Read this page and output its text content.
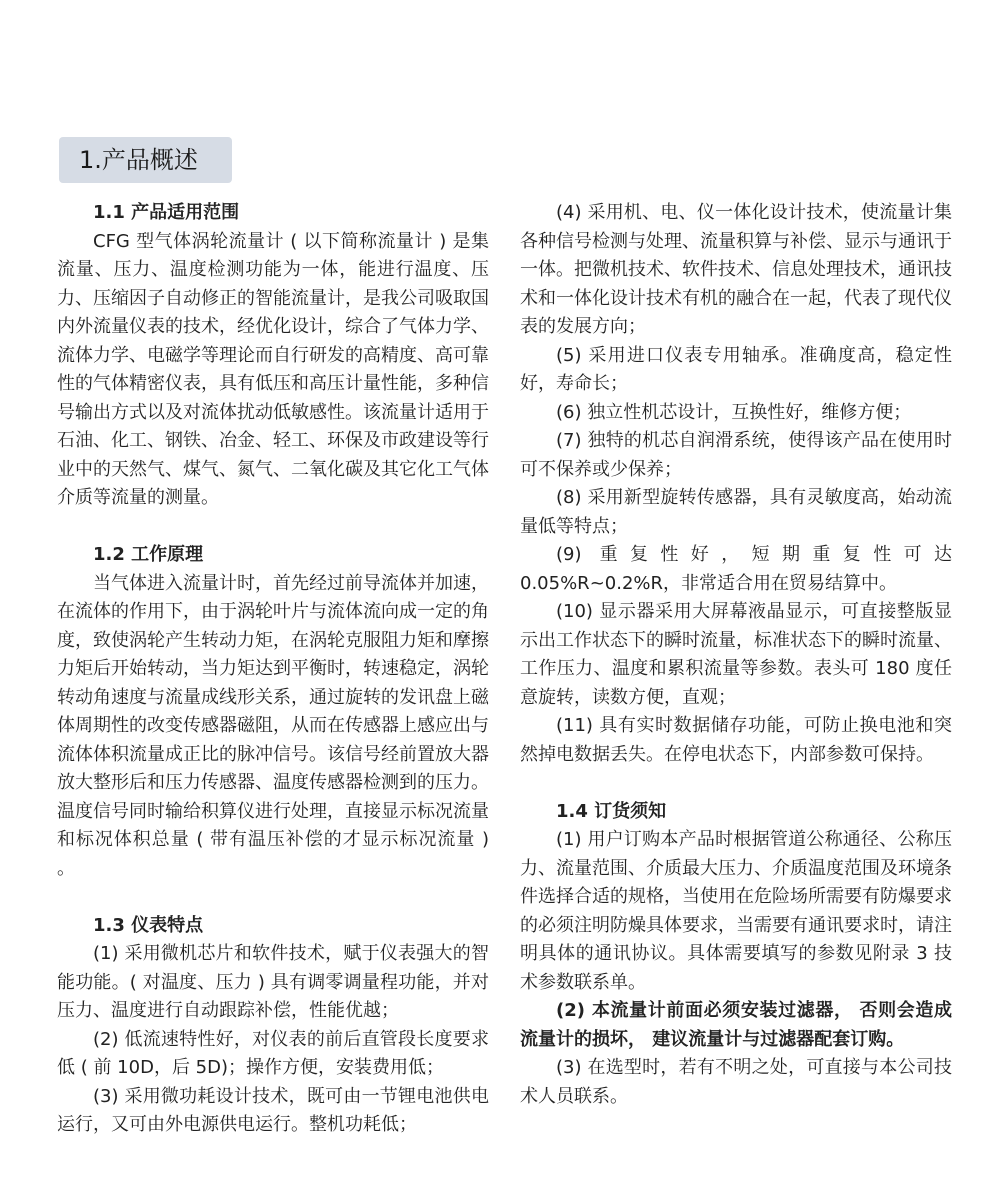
1.产品概述
1.1 产品适用范围

CFG 型气体涡轮流量计 ( 以下简称流量计 ) 是集流量、压力、温度检测功能为一体，能进行温度、压力、压缩因子自动修正的智能流量计，是我公司吸取国内外流量仪表的技术，经优化设计，综合了气体力学、流体力学、电磁学等理论而自行研发的高精度、高可靠性的气体精密仪表，具有低压和高压计量性能，多种信号输出方式以及对流体扰动低敏感性。该流量计适用于石油、化工、钢铁、冶金、轻工、环保及市政建设等行业中的天然气、煤气、氮气、二氧化碳及其它化工气体介质等流量的测量。

1.2 工作原理

当气体进入流量计时，首先经过前导流体并加速，在流体的作用下，由于涡轮叶片与流体流向成一定的角度，致使涡轮产生转动力矩，在涡轮克服阻力矩和摩擦力矩后开始转动，当力矩达到平衡时，转速稳定，涡轮转动角速度与流量成线形关系，通过旋转的发讯盘上磁体周期性的改变传感器磁阻，从而在传感器上感应出与流体体积流量成正比的脉冲信号。该信号经前置放大器放大整形后和压力传感器、温度传感器检测到的压力。温度信号同时输给积算仪进行处理，直接显示标况流量和标况体积总量 ( 带有温压补偿的才显示标况流量 ) 。

1.3 仪表特点

(1) 采用微机芯片和软件技术，赋于仪表强大的智能功能。( 对温度、压力 ) 具有调零调量程功能，并对压力、温度进行自动跟踪补偿，性能优越；

(2) 低流速特性好，对仪表的前后直管段长度要求低 ( 前 10D，后 5D)；操作方便，安装费用低；

(3) 采用微功耗设计技术，既可由一节锂电池供电运行，又可由外电源供电运行。整机功耗低；

(4) 采用机、电、仪一体化设计技术，使流量计集各种信号检测与处理、流量积算与补偿、显示与通讯于一体。把微机技术、软件技术、信息处理技术，通讯技术和一体化设计技术有机的融合在一起，代表了现代仪表的发展方向；

(5) 采用进口仪表专用轴承。准确度高，稳定性好，寿命长；

(6) 独立性机芯设计，互换性好，维修方便；

(7) 独特的机芯自润滑系统，使得该产品在使用时可不保养或少保养；

(8) 采用新型旋转传感器，具有灵敏度高，始动流量低等特点；

(9) 重复性好，短期重复性可达 0.05%R~0.2%R，非常适合用在贸易结算中。

(10) 显示器采用大屏幕液晶显示，可直接整版显示出工作状态下的瞬时流量，标准状态下的瞬时流量、工作压力、温度和累积流量等参数。表头可 180 度任意旋转，读数方便，直观；

(11) 具有实时数据储存功能，可防止换电池和突然掉电数据丢失。在停电状态下，内部参数可保持。

1.4 订货须知

(1) 用户订购本产品时根据管道公称通径、公称压力、流量范围、介质最大压力、介质温度范围及环境条件选择合适的规格，当使用在危险场所需要有防爆要求的必须注明防燥具体要求，当需要有通讯要求时，请注明具体的通讯协议。具体需要填写的参数见附录 3 技术参数联系单。

(2) 本流量计前面必须安装过滤器， 否则会造成流量计的损坏， 建议流量计与过滤器配套订购。

(3) 在选型时，若有不明之处，可直接与本公司技术人员联系。
